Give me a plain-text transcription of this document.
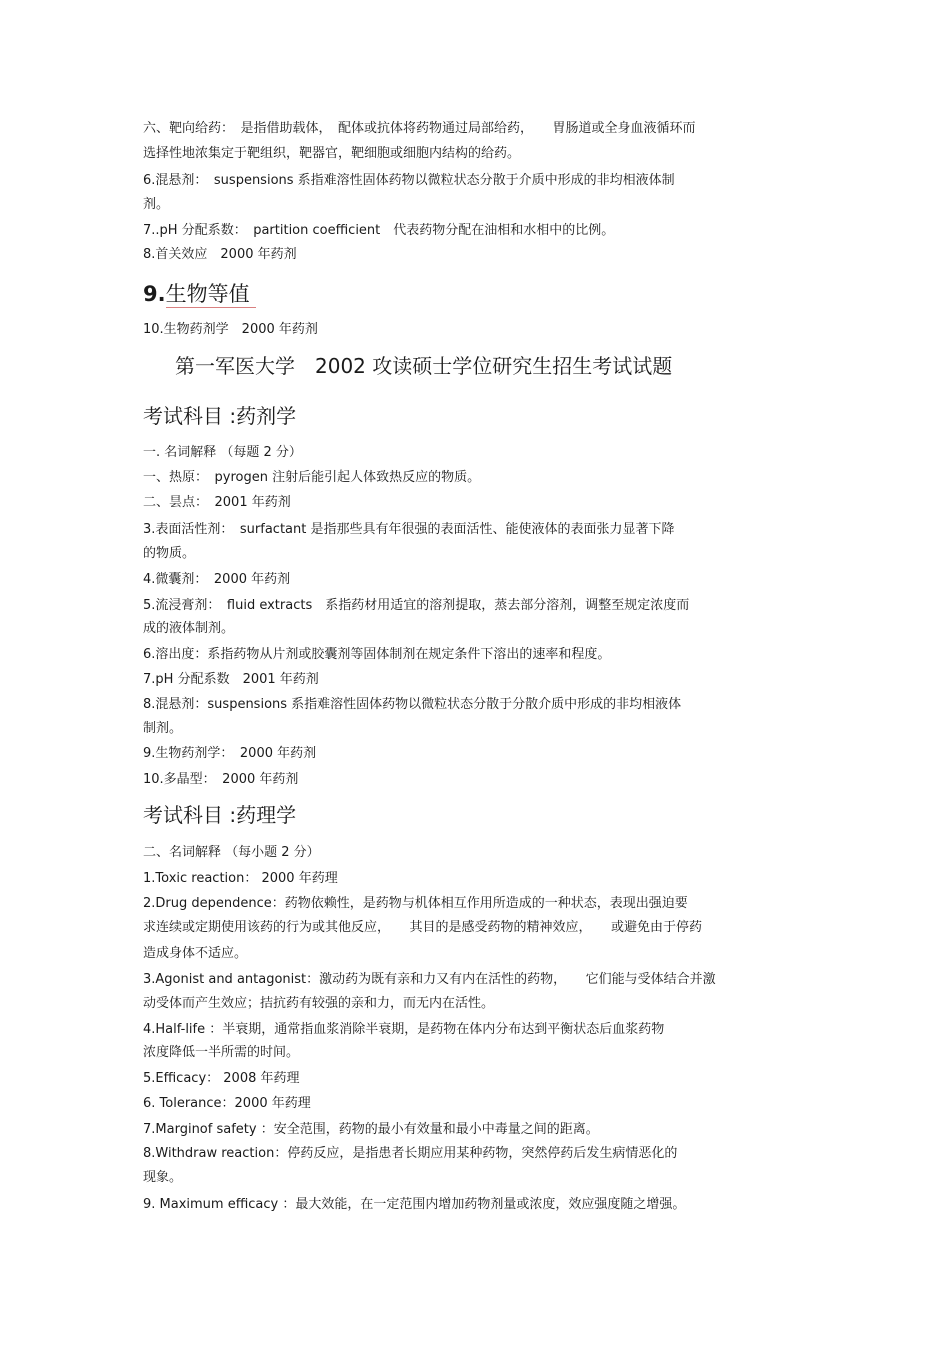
六、靶向给药：　是指借助载体，　配体或抗体将药物通过局部给药，　　胃肠道或全身血液循环而
选择性地浓集定于靶组织，靶器官，靶细胞或细胞内结构的给药。
6.混悬剂：　suspensions 系指难溶性固体药物以微粒状态分散于介质中形成的非均相液体制
剂。
7..pH 分配系数：　partition coefficient　代表药物分配在油相和水相中的比例。
8.首关效应　2000 年药剂
9.生物等值
10.生物药剂学　2000 年药剂
第一军医大学　2002 攻读硕士学位研究生招生考试试题
考试科目 :药剂学
一. 名词解释 （每题 2 分）
一、热原：　pyrogen 注射后能引起人体致热反应的物质。
二、昙点：　2001 年药剂
3.表面活性剂：　surfactant 是指那些具有年很强的表面活性、能使液体的表面张力显著下降
的物质。
4.微囊剂：　2000 年药剂
5.流浸膏剂：　fluid extracts　系指药材用适宜的溶剂提取，蒸去部分溶剂，调整至规定浓度而
成的液体制剂。
6.溶出度：系指药物从片剂或胶囊剂等固体制剂在规定条件下溶出的速率和程度。
7.pH 分配系数　2001 年药剂
8.混悬剂：suspensions 系指难溶性固体药物以微粒状态分散于分散介质中形成的非均相液体
制剂。
9.生物药剂学：　2000 年药剂
10.多晶型：　2000 年药剂
考试科目 :药理学
二、名词解释 （每小题 2 分）
1.Toxic reaction： 2000 年药理
2.Drug dependence：药物依赖性，是药物与机体相互作用所造成的一种状态，表现出强迫要
求连续或定期使用该药的行为或其他反应，　　其目的是感受药物的精神效应，　　或避免由于停药
造成身体不适应。
3.Agonist and antagonist：激动药为既有亲和力又有内在活性的药物，　　它们能与受体结合并激
动受体而产生效应；拮抗药有较强的亲和力，而无内在活性。
4.Half-life ：半衰期，通常指血浆消除半衰期，是药物在体内分布达到平衡状态后血浆药物
浓度降低一半所需的时间。
5.Efficacy： 2008 年药理
6. Tolerance：2000 年药理
7.Marginof safety ：安全范围，药物的最小有效量和最小中毒量之间的距离。
8.Withdraw reaction：停药反应，是指患者长期应用某种药物，突然停药后发生病情恶化的
现象。
9. Maximum efficacy ：最大效能，在一定范围内增加药物剂量或浓度，效应强度随之增强。
